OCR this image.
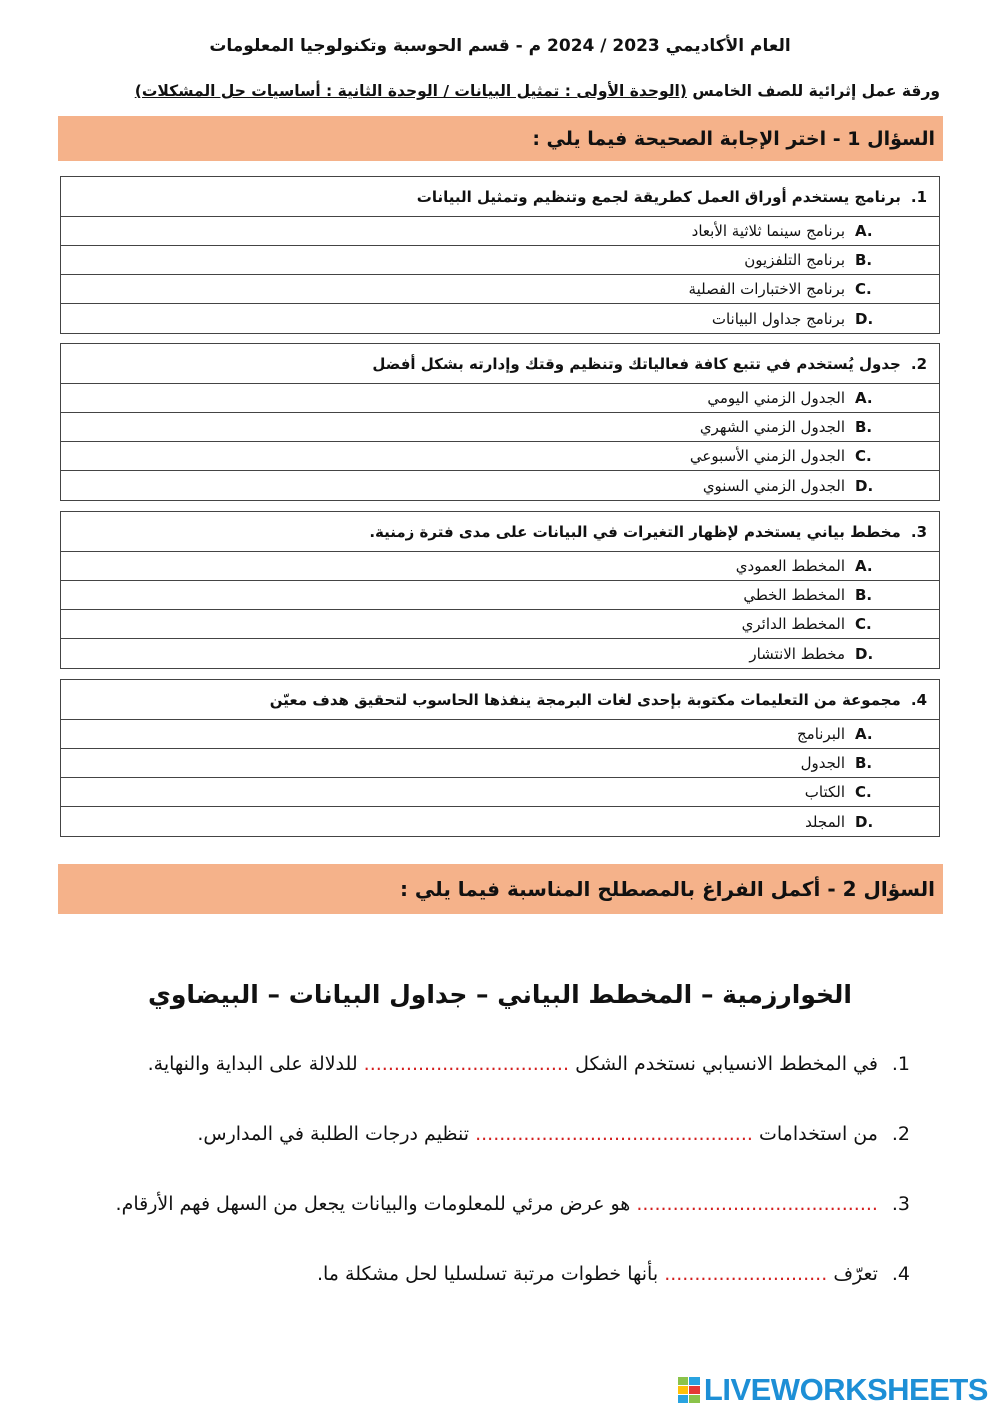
العام الأكاديمي 2023 / 2024 م - قسم الحوسبة وتكنولوجيا المعلومات
ورقة عمل إثرائية للصف الخامس (الوحدة الأولى : تمثيل البيانات / الوحدة الثانية : أساسيات حل المشكلات)
السؤال 1 - اختر الإجابة الصحيحة فيما يلي :
1.
برنامج يستخدم أوراق العمل كطريقة لجمع وتنظيم وتمثيل البيانات
A.
برنامج سينما ثلاثية الأبعاد
B.
برنامج التلفزيون
C.
برنامج الاختبارات الفصلية
D.
برنامج جداول البيانات
2.
جدول يُستخدم في تتبع كافة فعالياتك وتنظيم وقتك وإدارته بشكل أفضل
A.
الجدول الزمني اليومي
B.
الجدول الزمني الشهري
C.
الجدول الزمني الأسبوعي
D.
الجدول الزمني السنوي
3.
مخطط بياني يستخدم لإظهار التغيرات في البيانات على مدى فترة زمنية.
A.
المخطط العمودي
B.
المخطط الخطي
C.
المخطط الدائري
D.
مخطط الانتشار
4.
مجموعة من التعليمات مكتوبة بإحدى لغات البرمجة ينفذها الحاسوب لتحقيق هدف معيّن
A.
البرنامج
B.
الجدول
C.
الكتاب
D.
المجلد
السؤال 2 - أكمل الفراغ بالمصطلح المناسبة فيما يلي :
الخوارزمية – المخطط البياني – جداول البيانات – البيضاوي
1. في المخطط الانسيابي نستخدم الشكل .................................. للدلالة على البداية والنهاية.
2. من استخدامات .............................................. تنظيم درجات الطلبة في المدارس.
3. ........................................ هو عرض مرئي للمعلومات والبيانات يجعل من السهل فهم الأرقام.
4. تعرّف ........................... بأنها خطوات مرتبة تسلسليا لحل مشكلة ما.
LIVEWORKSHEETS
